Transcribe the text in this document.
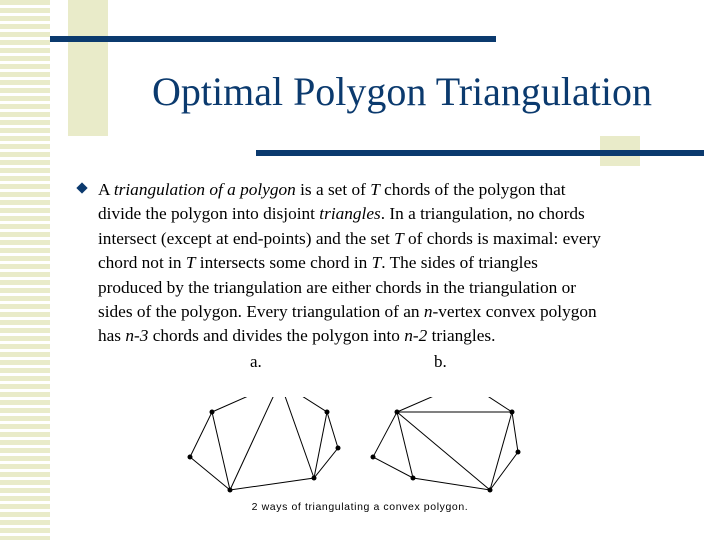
Optimal Polygon Triangulation
A triangulation of a polygon is a set of T chords of the polygon that
divide the polygon into disjoint triangles. In a triangulation, no chords
intersect (except at end-points) and the set T of chords is maximal: every
chord not in T intersects some chord in T. The sides of triangles
produced by the triangulation are either chords in the triangulation or
sides of the polygon. Every triangulation of an n-vertex convex polygon
has n-3 chords and divides the polygon into n-2 triangles.
a.	b.
2 ways of triangulating a convex polygon.
